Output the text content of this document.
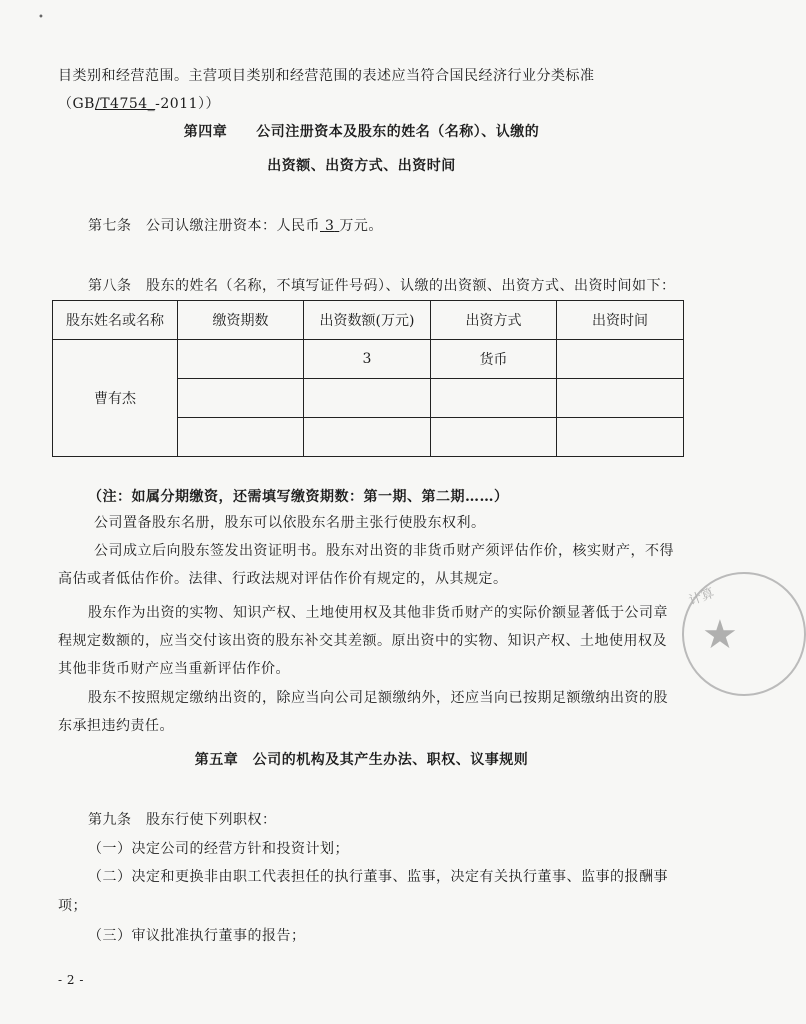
•
目类别和经营范围。主营项目类别和经营范围的表述应当符合国民经济行业分类标准
（GB/T4754_-2011））
第四章　　公司注册资本及股东的姓名（名称）、认缴的
出资额、出资方式、出资时间
第七条　公司认缴注册资本：人民币 3 万元。
第八条　股东的姓名（名称，不填写证件号码）、认缴的出资额、出资方式、出资时间如下：
股东姓名或名称	缴资期数	出资数额(万元)	出资方式	出资时间
曹有杰		3	货币	

（注：如属分期缴资，还需填写缴资期数：第一期、第二期……）
公司置备股东名册，股东可以依股东名册主张行使股东权利。
公司成立后向股东签发出资证明书。股东对出资的非货币财产须评估作价，核实财产，不得
高估或者低估作价。法律、行政法规对评估作价有规定的，从其规定。
股东作为出资的实物、知识产权、土地使用权及其他非货币财产的实际价额显著低于公司章
程规定数额的，应当交付该出资的股东补交其差额。原出资中的实物、知识产权、土地使用权及
其他非货币财产应当重新评估作价。
股东不按照规定缴纳出资的，除应当向公司足额缴纳外，还应当向已按期足额缴纳出资的股
东承担违约责任。
第五章　公司的机构及其产生办法、职权、议事规则
第九条　股东行使下列职权：
（一）决定公司的经营方针和投资计划；
（二）决定和更换非由职工代表担任的执行董事、监事，决定有关执行董事、监事的报酬事
项；
（三）审议批准执行董事的报告；
- 2 -
计算
★
